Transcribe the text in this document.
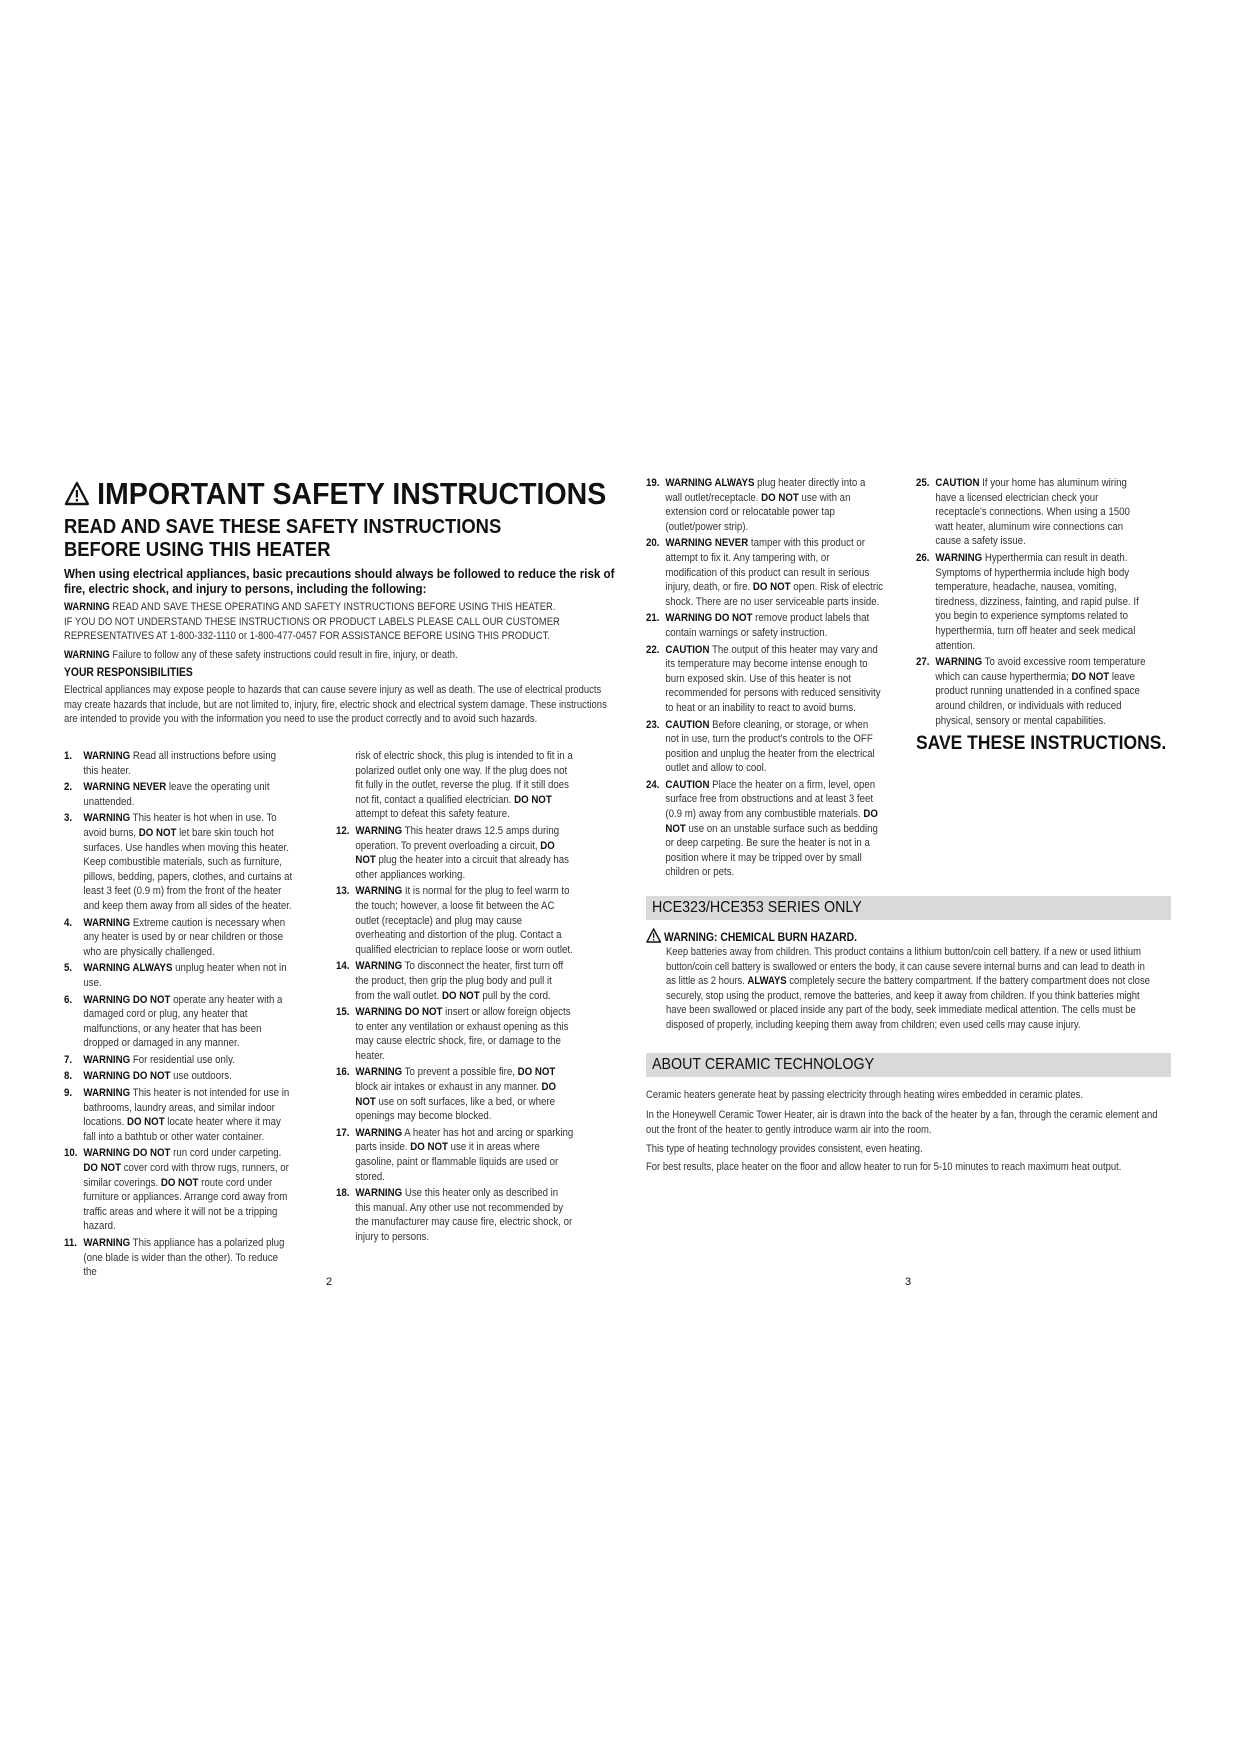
IMPORTANT SAFETY INSTRUCTIONS
READ AND SAVE THESE SAFETY INSTRUCTIONS BEFORE USING THIS HEATER
When using electrical appliances, basic precautions should always be followed to reduce the risk of fire, electric shock, and injury to persons, including the following:
WARNING READ AND SAVE THESE OPERATING AND SAFETY INSTRUCTIONS BEFORE USING THIS HEATER.
IF YOU DO NOT UNDERSTAND THESE INSTRUCTIONS OR PRODUCT LABELS PLEASE CALL OUR CUSTOMER
REPRESENTATIVES AT 1-800-332-1110 or 1-800-477-0457 FOR ASSISTANCE BEFORE USING THIS PRODUCT.
WARNING Failure to follow any of these safety instructions could result in fire, injury, or death.
YOUR RESPONSIBILITIES
Electrical appliances may expose people to hazards that can cause severe injury as well as death. The use of electrical products may create hazards that include, but are not limited to, injury, fire, electric shock and electrical system damage. These instructions are intended to provide you with the information you need to use the product correctly and to avoid such hazards.
1. WARNING Read all instructions before using this heater.
2. WARNING NEVER leave the operating unit unattended.
3. WARNING This heater is hot when in use. To avoid burns, DO NOT let bare skin touch hot surfaces. Use handles when moving this heater. Keep combustible materials, such as furniture, pillows, bedding, papers, clothes, and curtains at least 3 feet (0.9 m) from the front of the heater and keep them away from all sides of the heater.
4. WARNING Extreme caution is necessary when any heater is used by or near children or those who are physically challenged.
5. WARNING ALWAYS unplug heater when not in use.
6. WARNING DO NOT operate any heater with a damaged cord or plug, any heater that malfunctions, or any heater that has been dropped or damaged in any manner.
7. WARNING For residential use only.
8. WARNING DO NOT use outdoors.
9. WARNING This heater is not intended for use in bathrooms, laundry areas, and similar indoor locations. DO NOT locate heater where it may fall into a bathtub or other water container.
10. WARNING DO NOT run cord under carpeting. DO NOT cover cord with throw rugs, runners, or similar coverings. DO NOT route cord under furniture or appliances. Arrange cord away from traffic areas and where it will not be a tripping hazard.
11. WARNING This appliance has a polarized plug (one blade is wider than the other). To reduce the
risk of electric shock, this plug is intended to fit in a polarized outlet only one way. If the plug does not fit fully in the outlet, reverse the plug. If it still does not fit, contact a qualified electrician. DO NOT attempt to defeat this safety feature.
12. WARNING This heater draws 12.5 amps during operation. To prevent overloading a circuit, DO NOT plug the heater into a circuit that already has other appliances working.
13. WARNING It is normal for the plug to feel warm to the touch; however, a loose fit between the AC outlet (receptacle) and plug may cause overheating and distortion of the plug. Contact a qualified electrician to replace loose or worn outlet.
14. WARNING To disconnect the heater, first turn off the product, then grip the plug body and pull it from the wall outlet. DO NOT pull by the cord.
15. WARNING DO NOT insert or allow foreign objects to enter any ventilation or exhaust opening as this may cause electric shock, fire, or damage to the heater.
16. WARNING To prevent a possible fire, DO NOT block air intakes or exhaust in any manner. DO NOT use on soft surfaces, like a bed, or where openings may become blocked.
17. WARNING A heater has hot and arcing or sparking parts inside. DO NOT use it in areas where gasoline, paint or flammable liquids are used or stored.
18. WARNING Use this heater only as described in this manual. Any other use not recommended by the manufacturer may cause fire, electric shock, or injury to persons.
19. WARNING ALWAYS plug heater directly into a wall outlet/receptacle. DO NOT use with an extension cord or relocatable power tap (outlet/power strip).
20. WARNING NEVER tamper with this product or attempt to fix it. Any tampering with, or modification of this product can result in serious injury, death, or fire. DO NOT open. Risk of electric shock. There are no user serviceable parts inside.
21. WARNING DO NOT remove product labels that contain warnings or safety instruction.
22. CAUTION The output of this heater may vary and its temperature may become intense enough to burn exposed skin. Use of this heater is not recommended for persons with reduced sensitivity to heat or an inability to react to avoid burns.
23. CAUTION Before cleaning, or storage, or when not in use, turn the product's controls to the OFF position and unplug the heater from the electrical outlet and allow to cool.
24. CAUTION Place the heater on a firm, level, open surface free from obstructions and at least 3 feet (0.9 m) away from any combustible materials. DO NOT use on an unstable surface such as bedding or deep carpeting. Be sure the heater is not in a position where it may be tripped over by small children or pets.
25. CAUTION If your home has aluminum wiring have a licensed electrician check your receptacle's connections. When using a 1500 watt heater, aluminum wire connections can cause a safety issue.
26. WARNING Hyperthermia can result in death. Symptoms of hyperthermia include high body temperature, headache, nausea, vomiting, tiredness, dizziness, fainting, and rapid pulse. If you begin to experience symptoms related to hyperthermia, turn off heater and seek medical attention.
27. WARNING To avoid excessive room temperature which can cause hyperthermia; DO NOT leave product running unattended in a confined space around children, or individuals with reduced physical, sensory or mental capabilities.
SAVE THESE INSTRUCTIONS.
HCE323/HCE353 SERIES ONLY
WARNING: CHEMICAL BURN HAZARD.
Keep batteries away from children. This product contains a lithium button/coin cell battery. If a new or used lithium button/coin cell battery is swallowed or enters the body, it can cause severe internal burns and can lead to death in as little as 2 hours. ALWAYS completely secure the battery compartment. If the battery compartment does not close securely, stop using the product, remove the batteries, and keep it away from children. If you think batteries might have been swallowed or placed inside any part of the body, seek immediate medical attention. The cells must be disposed of properly, including keeping them away from children; even used cells may cause injury.
ABOUT CERAMIC TECHNOLOGY
Ceramic heaters generate heat by passing electricity through heating wires embedded in ceramic plates.
In the Honeywell Ceramic Tower Heater, air is drawn into the back of the heater by a fan, through the ceramic element and out the front of the heater to gently introduce warm air into the room.
This type of heating technology provides consistent, even heating.
For best results, place heater on the floor and allow heater to run for 5-10 minutes to reach maximum heat output.
2	3
